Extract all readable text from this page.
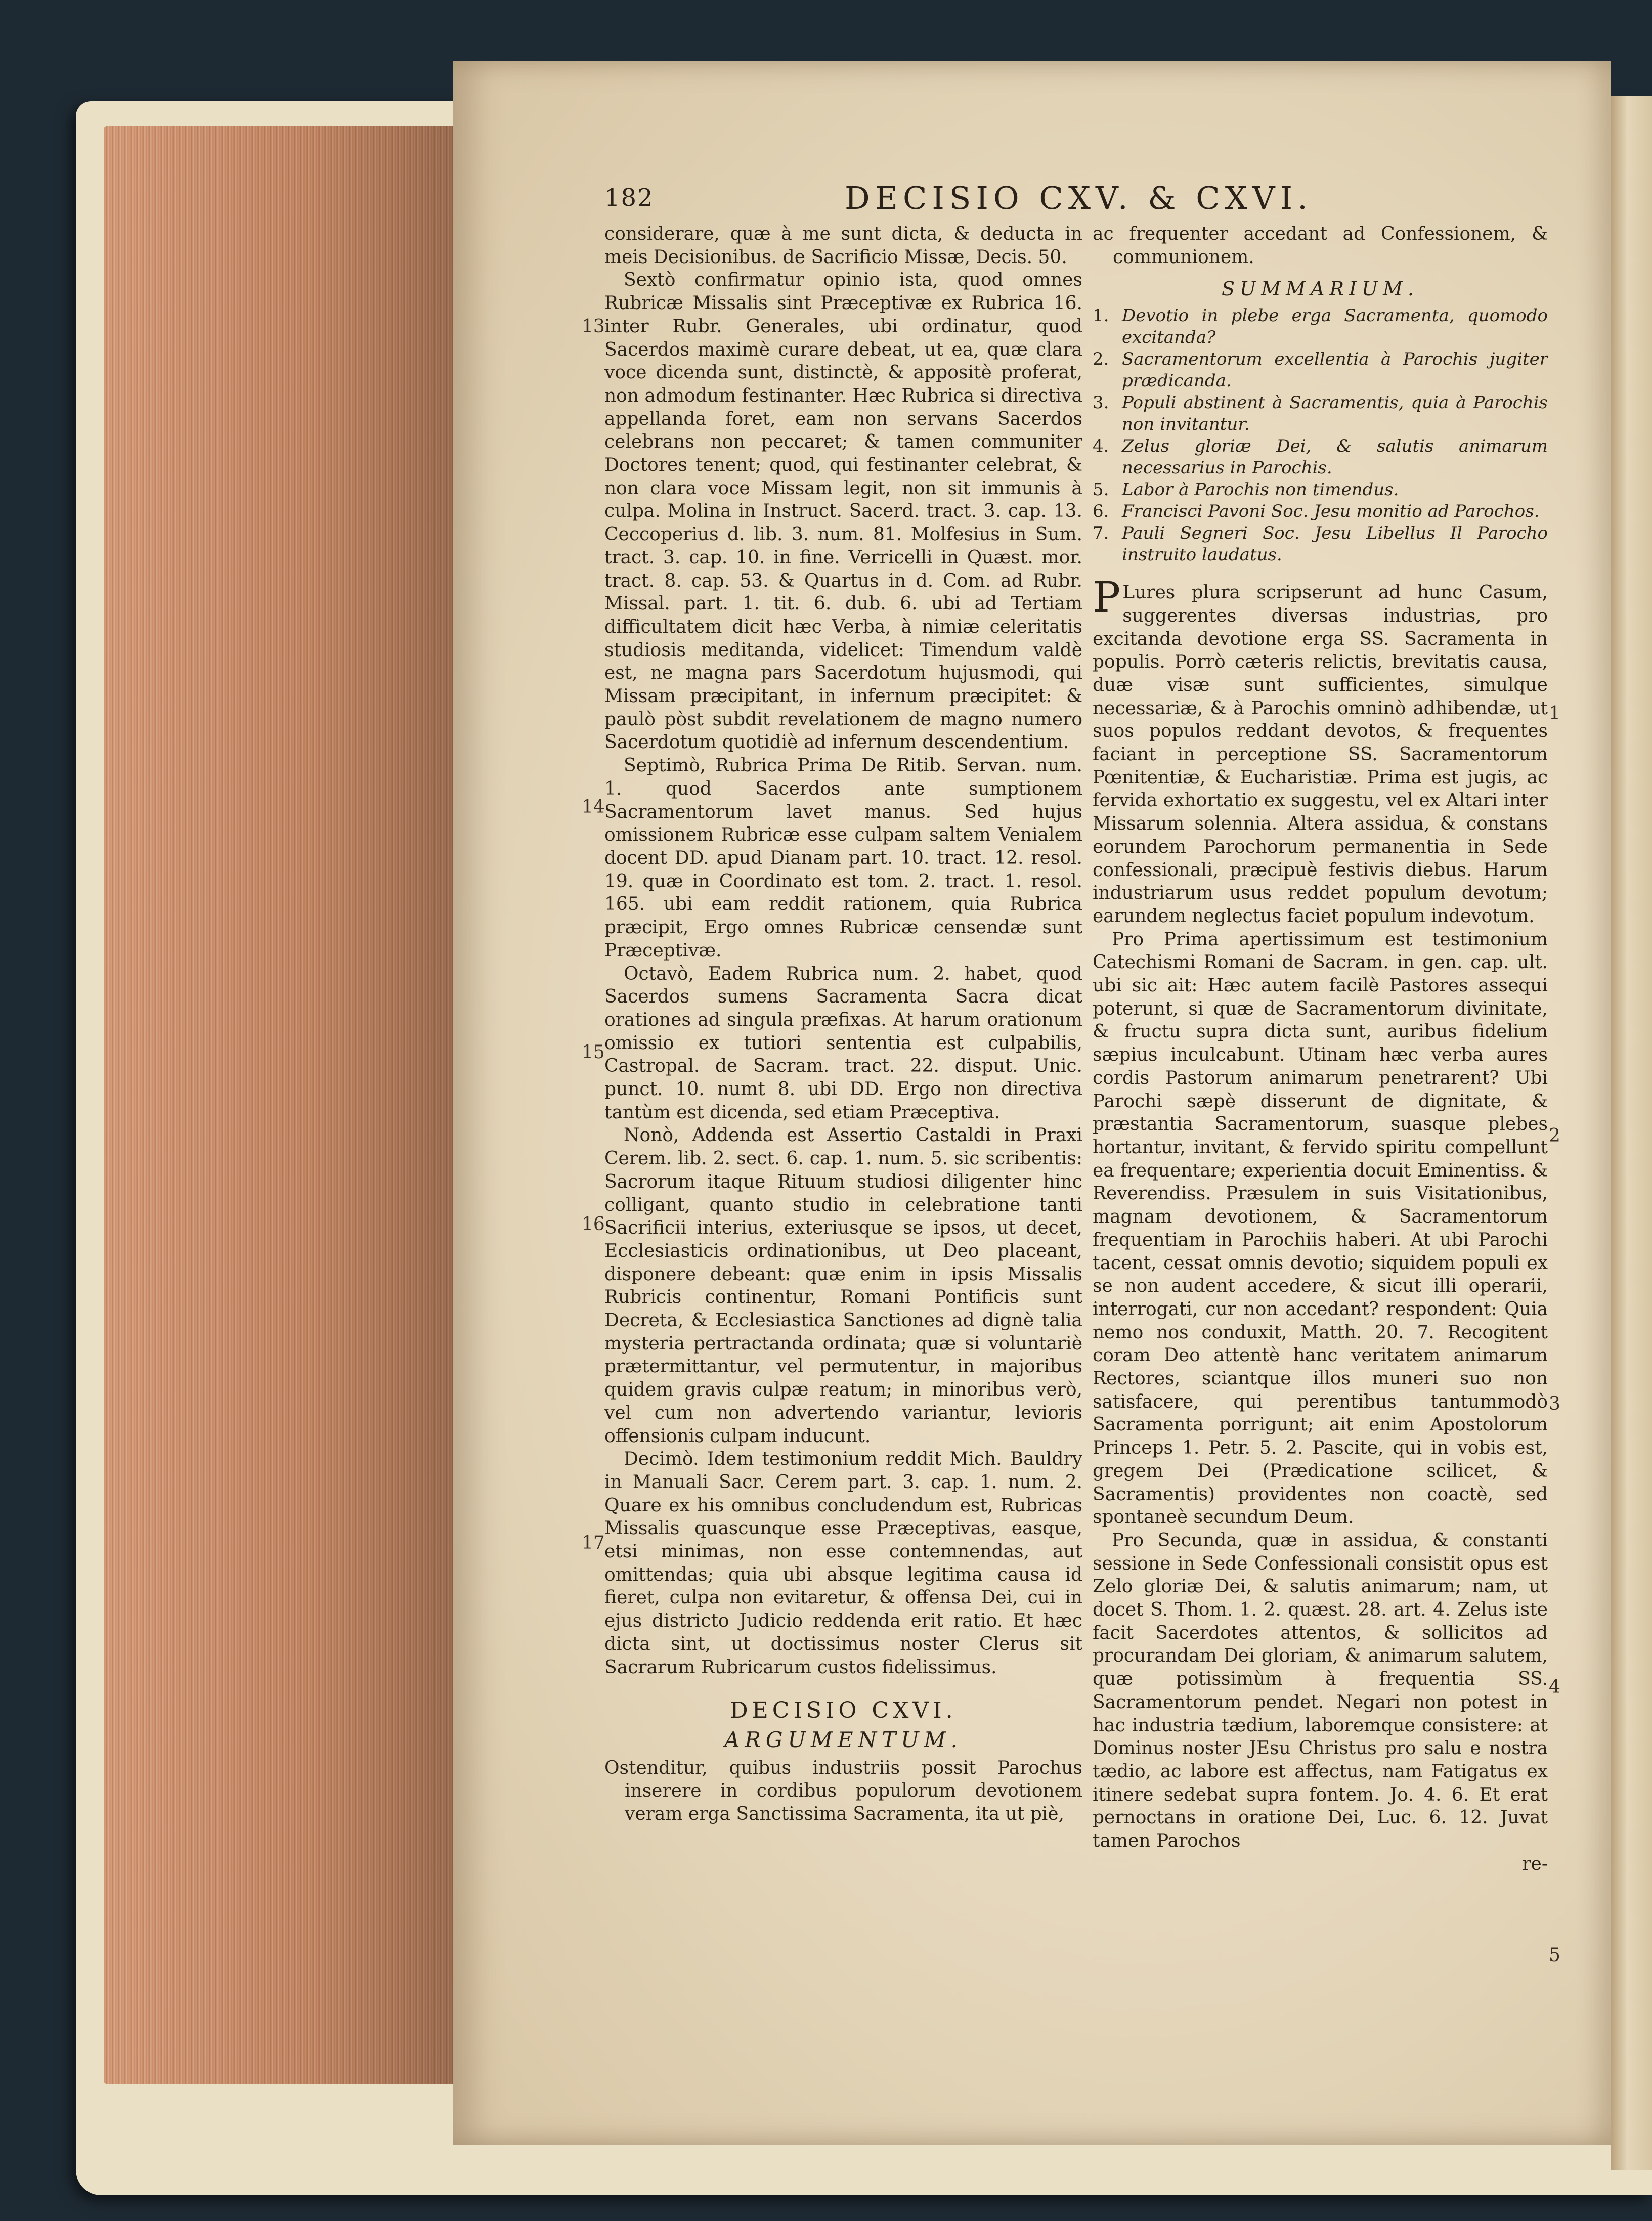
182	DECISIO CXV. & CXVI.

considerare, quæ à me sunt dicta, & deducta in meis Decisionibus. de Sacrificio Missæ, Decis. 50.

Sextò confirmatur opinio ista, quod omnes Rubricæ Missalis sint Præceptivæ ex Rubrica 16. inter Rubr. Generales, ubi ordinatur, quod Sacerdos maximè curare debeat, ut ea, quæ clara voce dicenda sunt, distinctè, & appositè proferat, non admodum festinanter. Hæc Rubrica si directiva appellanda foret, eam non servans Sacerdos celebrans non peccaret; & tamen communiter Doctores tenent; quod, qui festinanter celebrat, & non clara voce Missam legit, non sit immunis à culpa. Molina in Instruct. Sacerd. tract. 3. cap. 13. Ceccoperius d. lib. 3. num. 81. Molfesius in Sum. tract. 3. cap. 10. in fine. Verricelli in Quæst. mor. tract. 8. cap. 53. & Quartus in d. Com. ad Rubr. Missal. part. 1. tit. 6. dub. 6. ubi ad Tertiam difficultatem dicit hæc Verba, à nimiæ celeritatis studiosis meditanda, videlicet: Timendum valdè est, ne magna pars Sacerdotum hujusmodi, qui Missam præcipitant, in infernum præcipitet: & paulò pòst subdit revelationem de magno numero Sacerdotum quotidiè ad infernum descendentium.

Septimò, Rubrica Prima De Ritib. Servan. num. 1. quod Sacerdos ante sumptionem Sacramentorum lavet manus. Sed hujus omissionem Rubricæ esse culpam saltem Venialem docent DD. apud Dianam part. 10. tract. 12. resol. 19. quæ in Coordinato est tom. 2. tract. 1. resol. 165. ubi eam reddit rationem, quia Rubrica præcipit, Ergo omnes Rubricæ censendæ sunt Præceptivæ.

Octavò, Eadem Rubrica num. 2. habet, quod Sacerdos sumens Sacramenta Sacra dicat orationes ad singula præfixas. At harum orationum omissio ex tutiori sententia est culpabilis, Castropal. de Sacram. tract. 22. disput. Unic. punct. 10. numt 8. ubi DD. Ergo non directiva tantùm est dicenda, sed etiam Præceptiva.

Nonò, Addenda est Assertio Castaldi in Praxi Cerem. lib. 2. sect. 6. cap. 1. num. 5. sic scribentis: Sacrorum itaque Rituum studiosi diligenter hinc colligant, quanto studio in celebratione tanti Sacrificii interius, exteriusque se ipsos, ut decet, Ecclesiasticis ordinationibus, ut Deo placeant, disponere debeant: quæ enim in ipsis Missalis Rubricis continentur, Romani Pontificis sunt Decreta, & Ecclesiastica Sanctiones ad dignè talia mysteria pertractanda ordinata; quæ si voluntariè prætermittantur, vel permutentur, in majoribus quidem gravis culpæ reatum; in minoribus verò, vel cum non advertendo variantur, levioris offensionis culpam inducunt.

Decimò. Idem testimonium reddit Mich. Bauldry in Manuali Sacr. Cerem part. 3. cap. 1. num. 2. Quare ex his omnibus concludendum est, Rubricas Missalis quascunque esse Præceptivas, easque, etsi minimas, non esse contemnendas, aut omittendas; quia ubi absque legitima causa id fieret, culpa non evitaretur, & offensa Dei, cui in ejus districto Judicio reddenda erit ratio. Et hæc dicta sint, ut doctissimus noster Clerus sit Sacrarum Rubricarum custos fidelissimus.

DECISIO CXVI.
ARGUMENTUM.

Ostenditur, quibus industriis possit Parochus inserere in cordibus populorum devotionem veram erga Sanctissima Sacramenta, ita ut piè,

ac frequenter accedant ad Confessionem, & communionem.

SUMMARIUM.
1. Devotio in plebe erga Sacramenta, quomodo excitanda?
2. Sacramentorum excellentia à Parochis jugiter prædicanda.
3. Populi abstinent à Sacramentis, quia à Parochis non invitantur.
4. Zelus gloriæ Dei, & salutis animarum necessarius in Parochis.
5. Labor à Parochis non timendus.
6. Francisci Pavoni Soc. Jesu monitio ad Parochos.
7. Pauli Segneri Soc. Jesu Libellus Il Parocho instruito laudatus.

PLures plura scripserunt ad hunc Casum, suggerentes diversas industrias, pro excitanda devotione erga SS. Sacramenta in populis. Porrò cæteris relictis, brevitatis causa, duæ visæ sunt sufficientes, simulque necessariæ, & à Parochis omninò adhibendæ, ut suos populos reddant devotos, & frequentes faciant in perceptione SS. Sacramentorum Pœnitentiæ, & Eucharistiæ. Prima est jugis, ac fervida exhortatio ex suggestu, vel ex Altari inter Missarum solennia. Altera assidua, & constans eorundem Parochorum permanentia in Sede confessionali, præcipuè festivis diebus. Harum industriarum usus reddet populum devotum; earundem neglectus faciet populum indevotum.

Pro Prima apertissimum est testimonium Catechismi Romani de Sacram. in gen. cap. ult. ubi sic ait: Hæc autem facilè Pastores assequi poterunt, si quæ de Sacramentorum divinitate, & fructu supra dicta sunt, auribus fidelium sæpius inculcabunt. Utinam hæc verba aures cordis Pastorum animarum penetrarent? Ubi Parochi sæpè disserunt de dignitate, & præstantia Sacramentorum, suasque plebes hortantur, invitant, & fervido spiritu compellunt ea frequentare; experientia docuit Eminentiss. & Reverendiss. Præsulem in suis Visitationibus, magnam devotionem, & Sacramentorum frequentiam in Parochiis haberi. At ubi Parochi tacent, cessat omnis devotio; siquidem populi ex se non audent accedere, & sicut illi operarii, interrogati, cur non accedant? respondent: Quia nemo nos conduxit, Matth. 20. 7. Recogitent coram Deo attentè hanc veritatem animarum Rectores, sciantque illos muneri suo non satisfacere, qui perentibus tantummodò Sacramenta porrigunt; ait enim Apostolorum Princeps 1. Petr. 5. 2. Pascite, qui in vobis est, gregem Dei (Prædicatione scilicet, & Sacramentis) providentes non coactè, sed spontaneè secundum Deum.

Pro Secunda, quæ in assidua, & constanti sessione in Sede Confessionali consistit opus est Zelo gloriæ Dei, & salutis animarum; nam, ut docet S. Thom. 1. 2. quæst. 28. art. 4. Zelus iste facit Sacerdotes attentos, & sollicitos ad procurandam Dei gloriam, & animarum salutem, quæ potissimùm à frequentia SS. Sacramentorum pendet. Negari non potest in hac industria tædium, laboremque consistere: at Dominus noster JEsu Christus pro salu e nostra tædio, ac labore est affectus, nam Fatigatus ex itinere sedebat supra fontem. Jo. 4. 6. Et erat pernoctans in oratione Dei, Luc. 6. 12. Juvat tamen Parochos

re-

13
14
15
16
17
1
2
3
4
5
